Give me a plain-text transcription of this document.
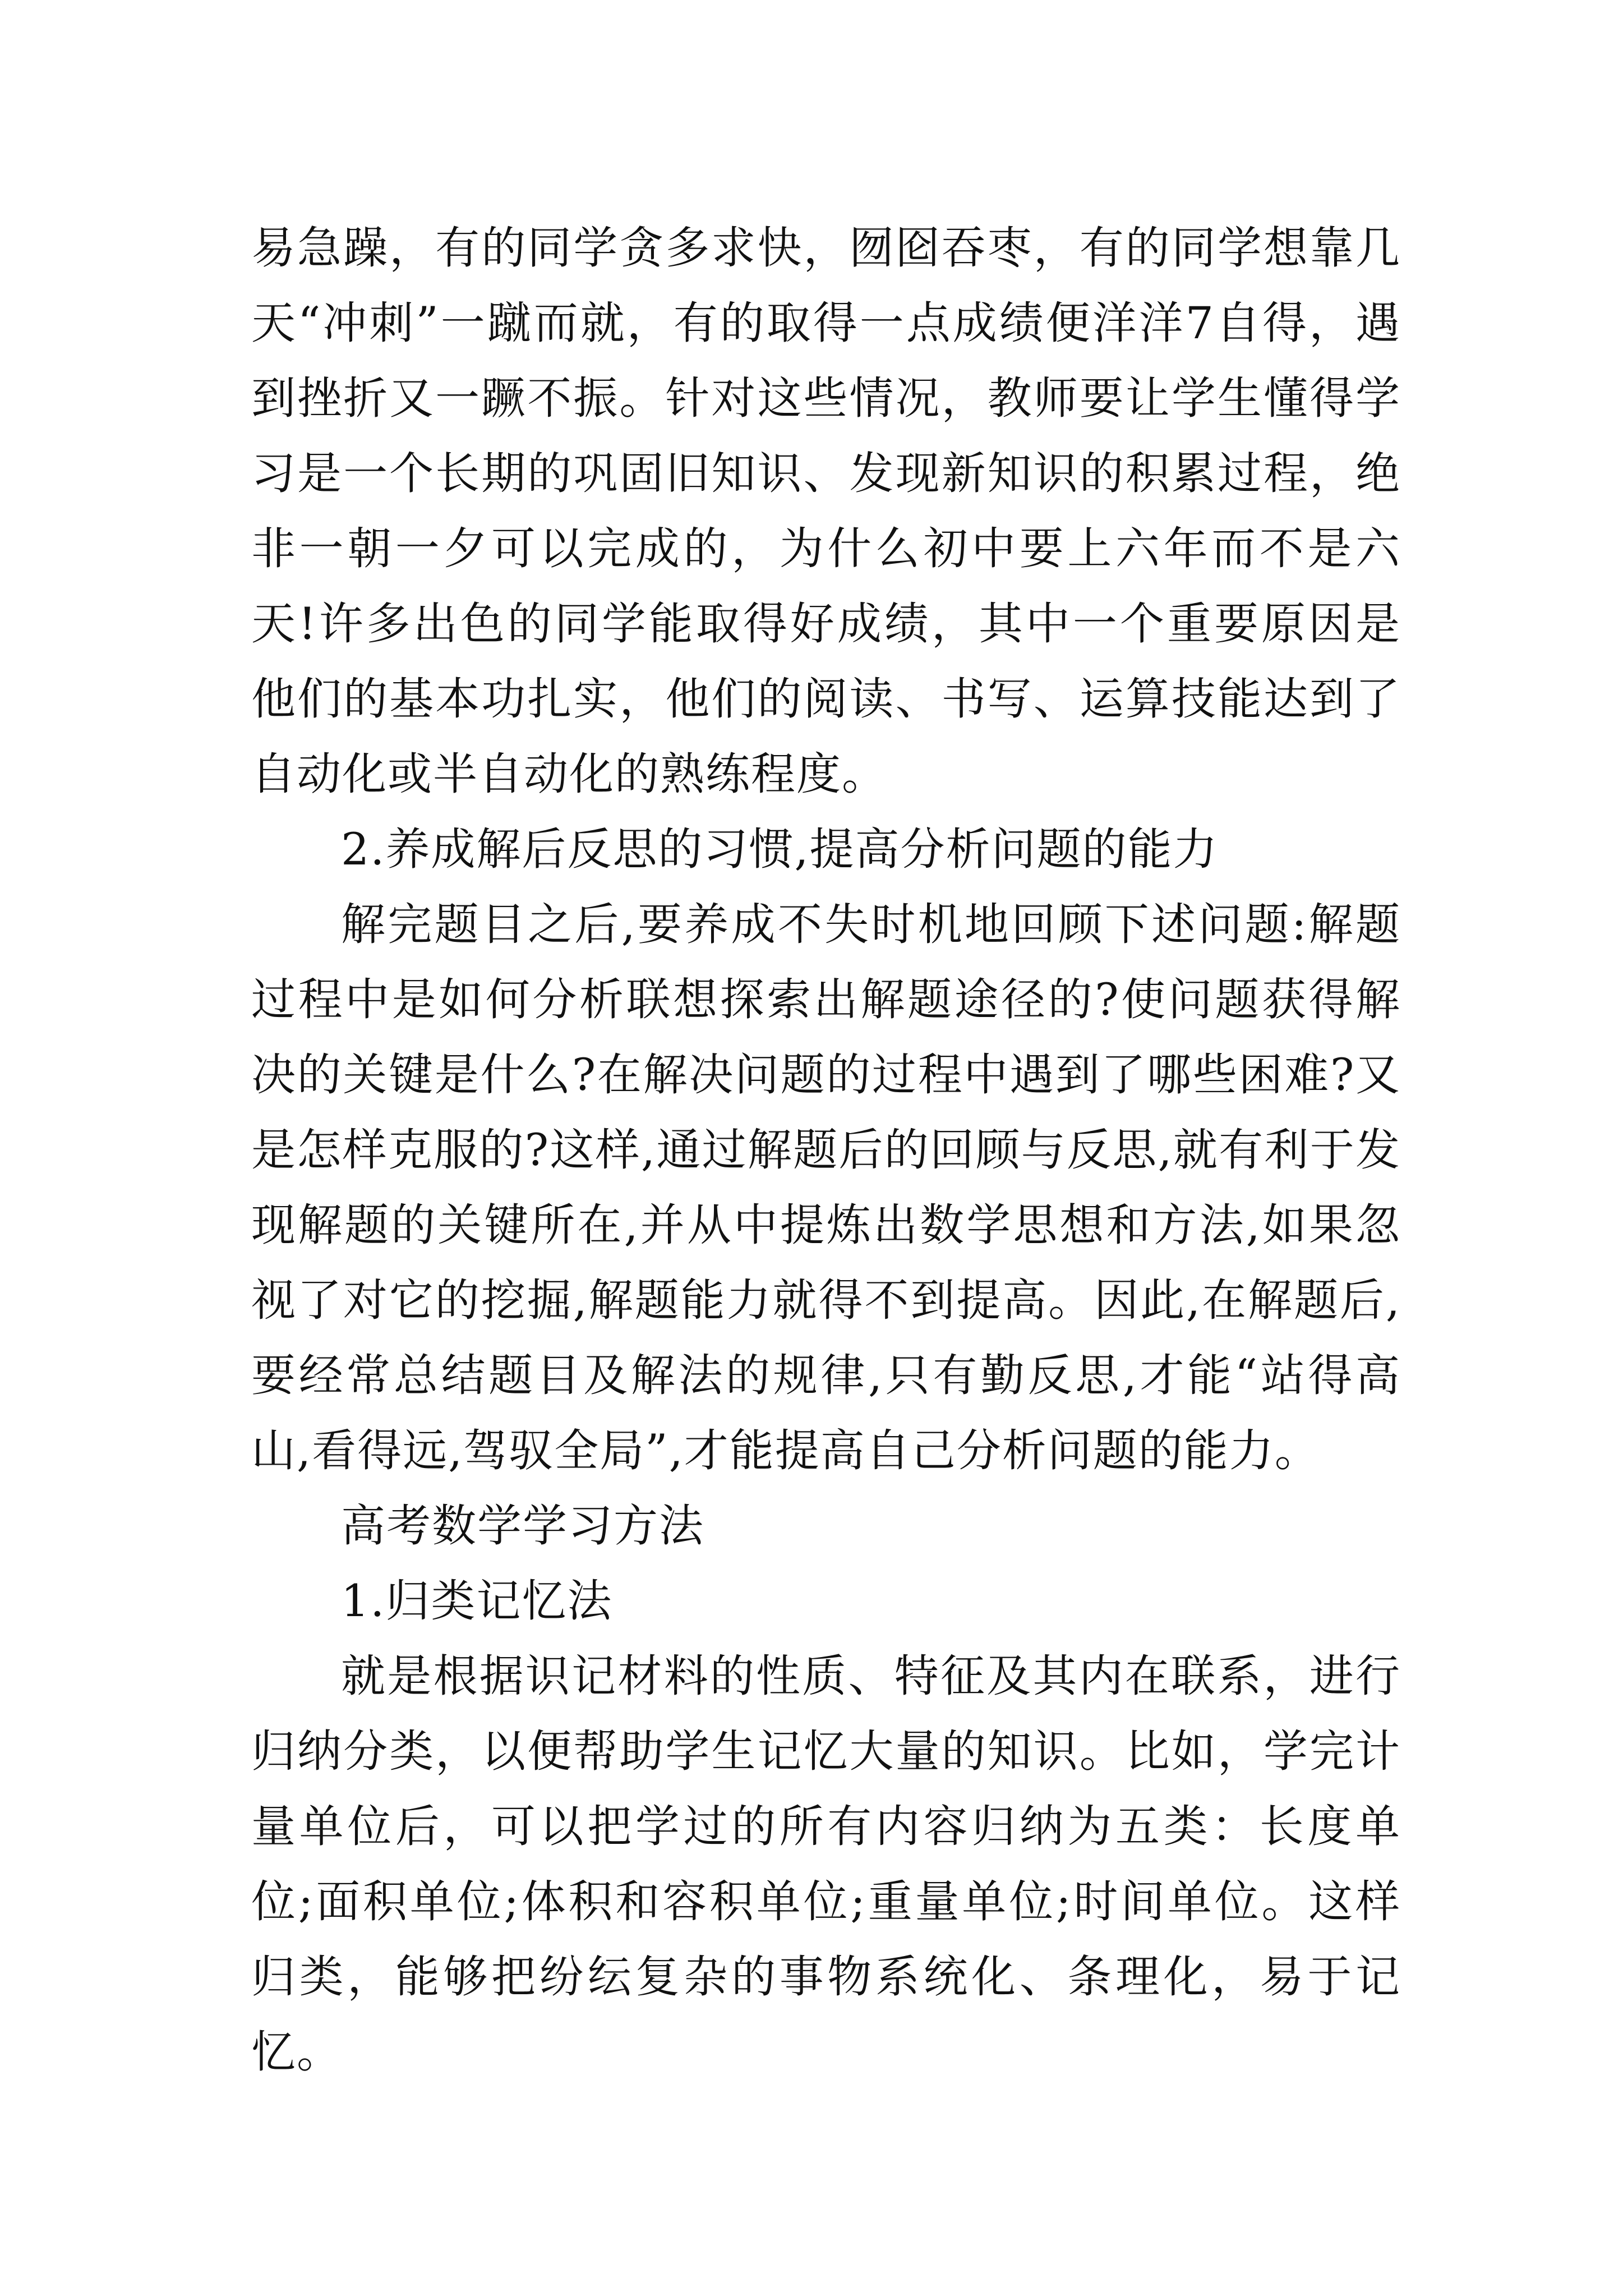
易急躁，有的同学贪多求快，囫囵吞枣，有的同学想靠几天“冲刺”一蹴而就，有的取得一点成绩便洋洋7自得，遇到挫折又一蹶不振。针对这些情况，教师要让学生懂得学习是一个长期的巩固旧知识、发现新知识的积累过程，绝非一朝一夕可以完成的，为什么初中要上六年而不是六天!许多出色的同学能取得好成绩，其中一个重要原因是他们的基本功扎实，他们的阅读、书写、运算技能达到了自动化或半自动化的熟练程度。

2.养成解后反思的习惯,提高分析问题的能力

解完题目之后,要养成不失时机地回顾下述问题:解题过程中是如何分析联想探索出解题途径的?使问题获得解决的关键是什么?在解决问题的过程中遇到了哪些困难?又是怎样克服的?这样,通过解题后的回顾与反思,就有利于发现解题的关键所在,并从中提炼出数学思想和方法,如果忽视了对它的挖掘,解题能力就得不到提高。因此,在解题后,要经常总结题目及解法的规律,只有勤反思,才能“站得高山,看得远,驾驭全局”,才能提高自己分析问题的能力。

高考数学学习方法

1.归类记忆法

就是根据识记材料的性质、特征及其内在联系，进行归纳分类，以便帮助学生记忆大量的知识。比如，学完计量单位后，可以把学过的所有内容归纳为五类：长度单位;面积单位;体积和容积单位;重量单位;时间单位。这样归类，能够把纷纭复杂的事物系统化、条理化，易于记忆。
